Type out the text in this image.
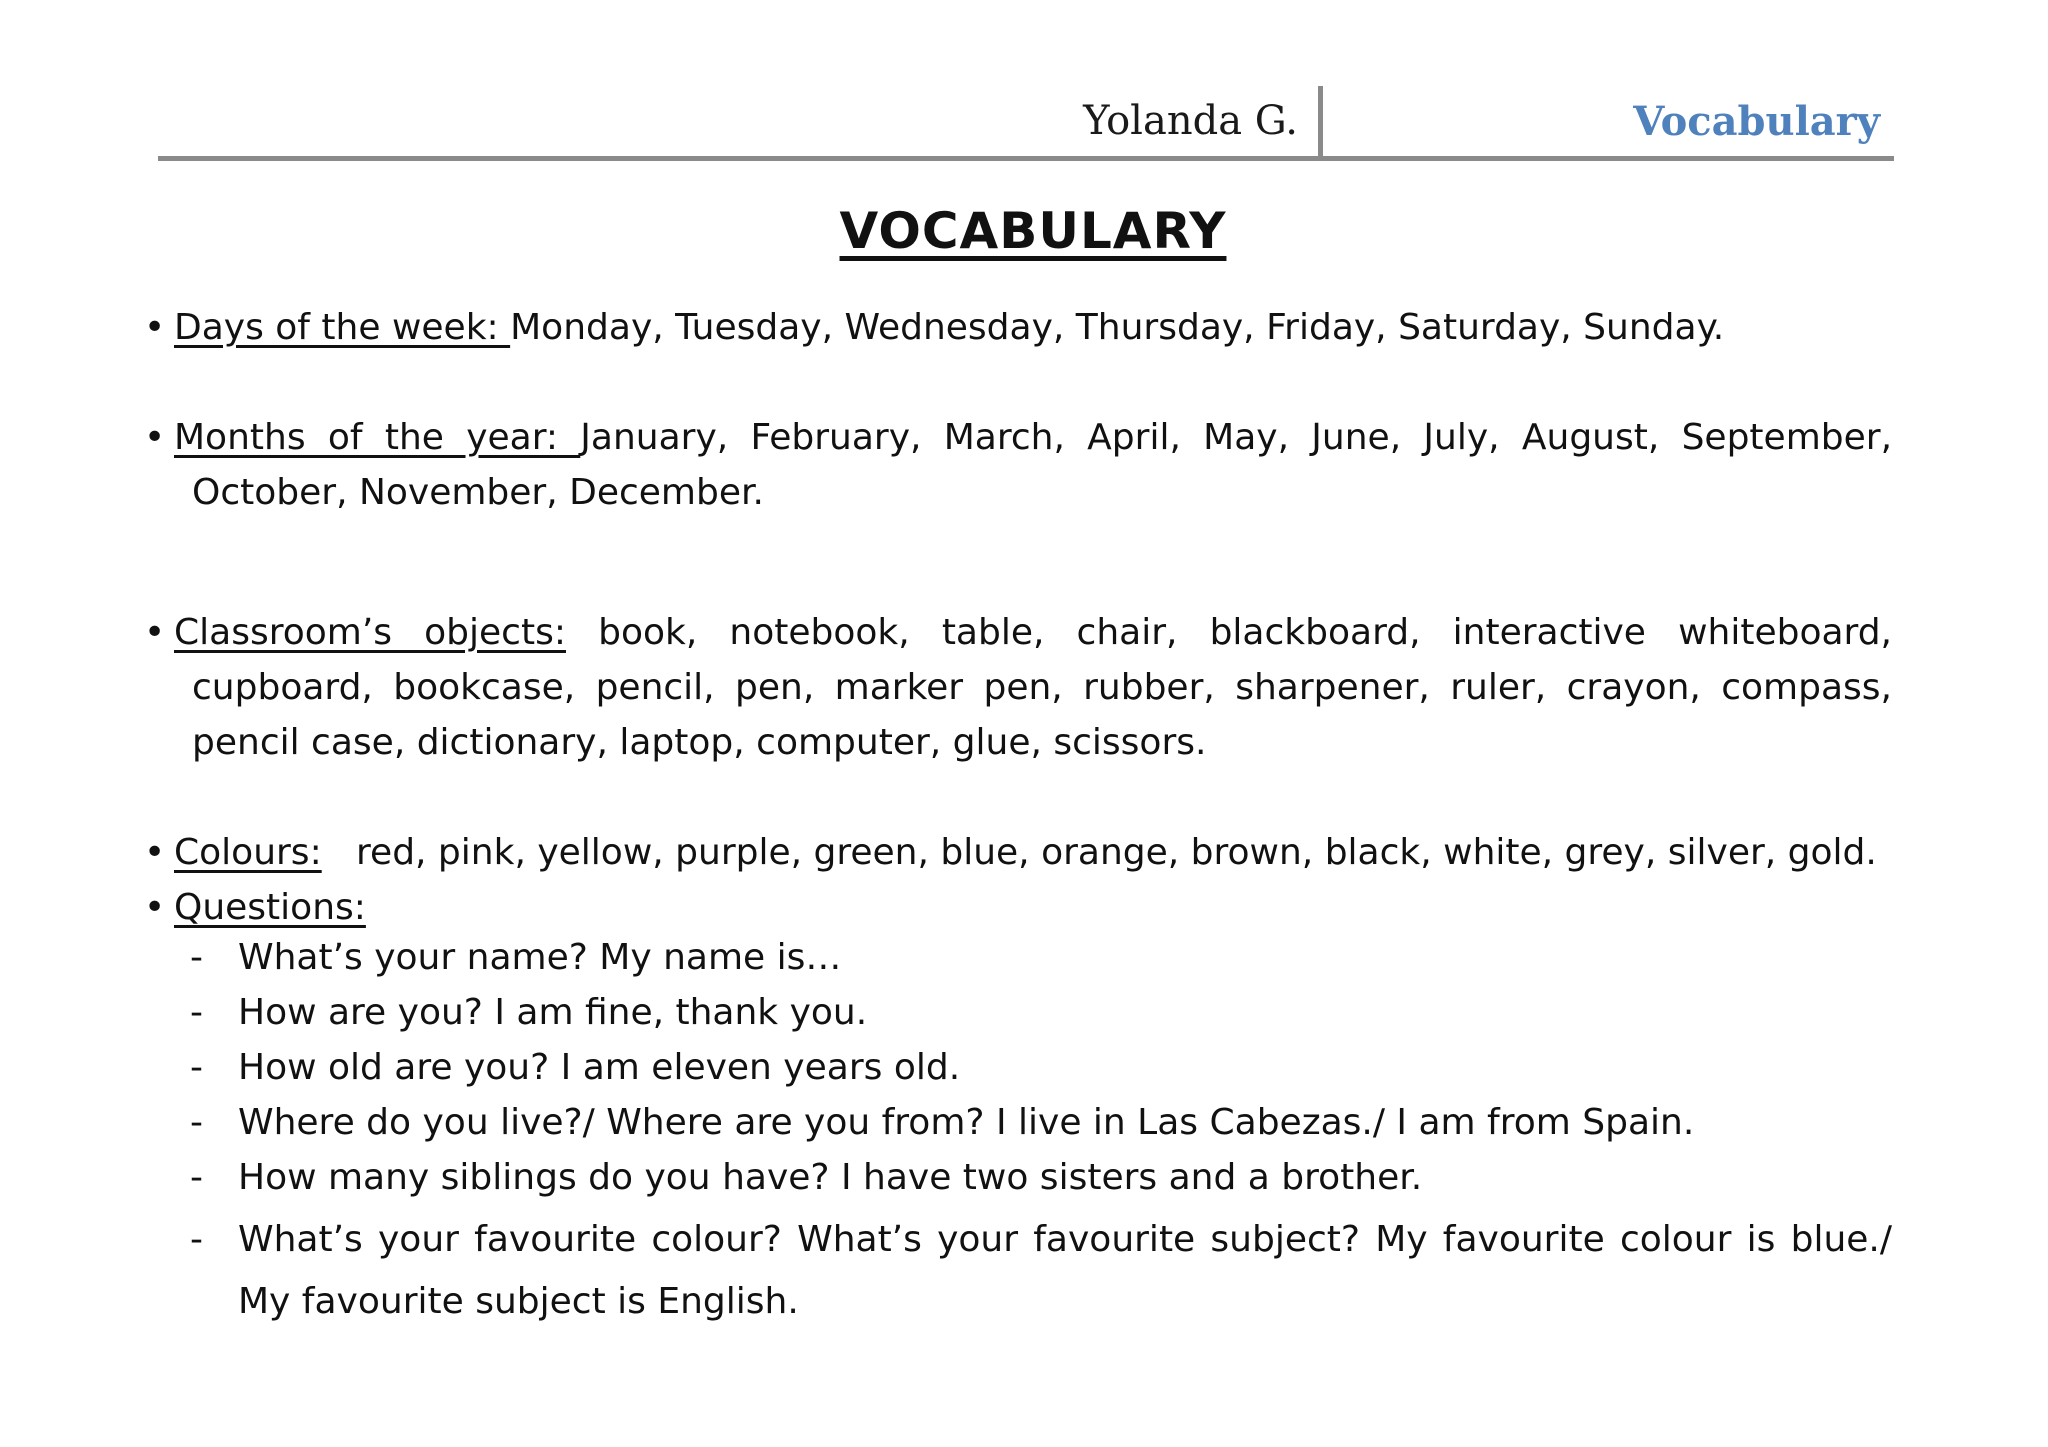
Yolanda G.	Vocabulary
VOCABULARY
• Days of the week: Monday, Tuesday, Wednesday, Thursday, Friday, Saturday, Sunday.
• Months of the year: January, February, March, April, May, June, July, August, September, October, November, December.
• Classroom’s objects: book, notebook, table, chair, blackboard, interactive whiteboard, cupboard, bookcase, pencil, pen, marker pen, rubber, sharpener, ruler, crayon, compass, pencil case, dictionary, laptop, computer, glue, scissors.
• Colours:   red, pink, yellow, purple, green, blue, orange, brown, black, white, grey, silver, gold.
• Questions:
- What’s your name? My name is…
- How are you? I am fine, thank you.
- How old are you? I am eleven years old.
- Where do you live?/ Where are you from? I live in Las Cabezas./ I am from Spain.
- How many siblings do you have? I have two sisters and a brother.
- What’s your favourite colour? What’s your favourite subject? My favourite colour is blue./ My favourite subject is English.
